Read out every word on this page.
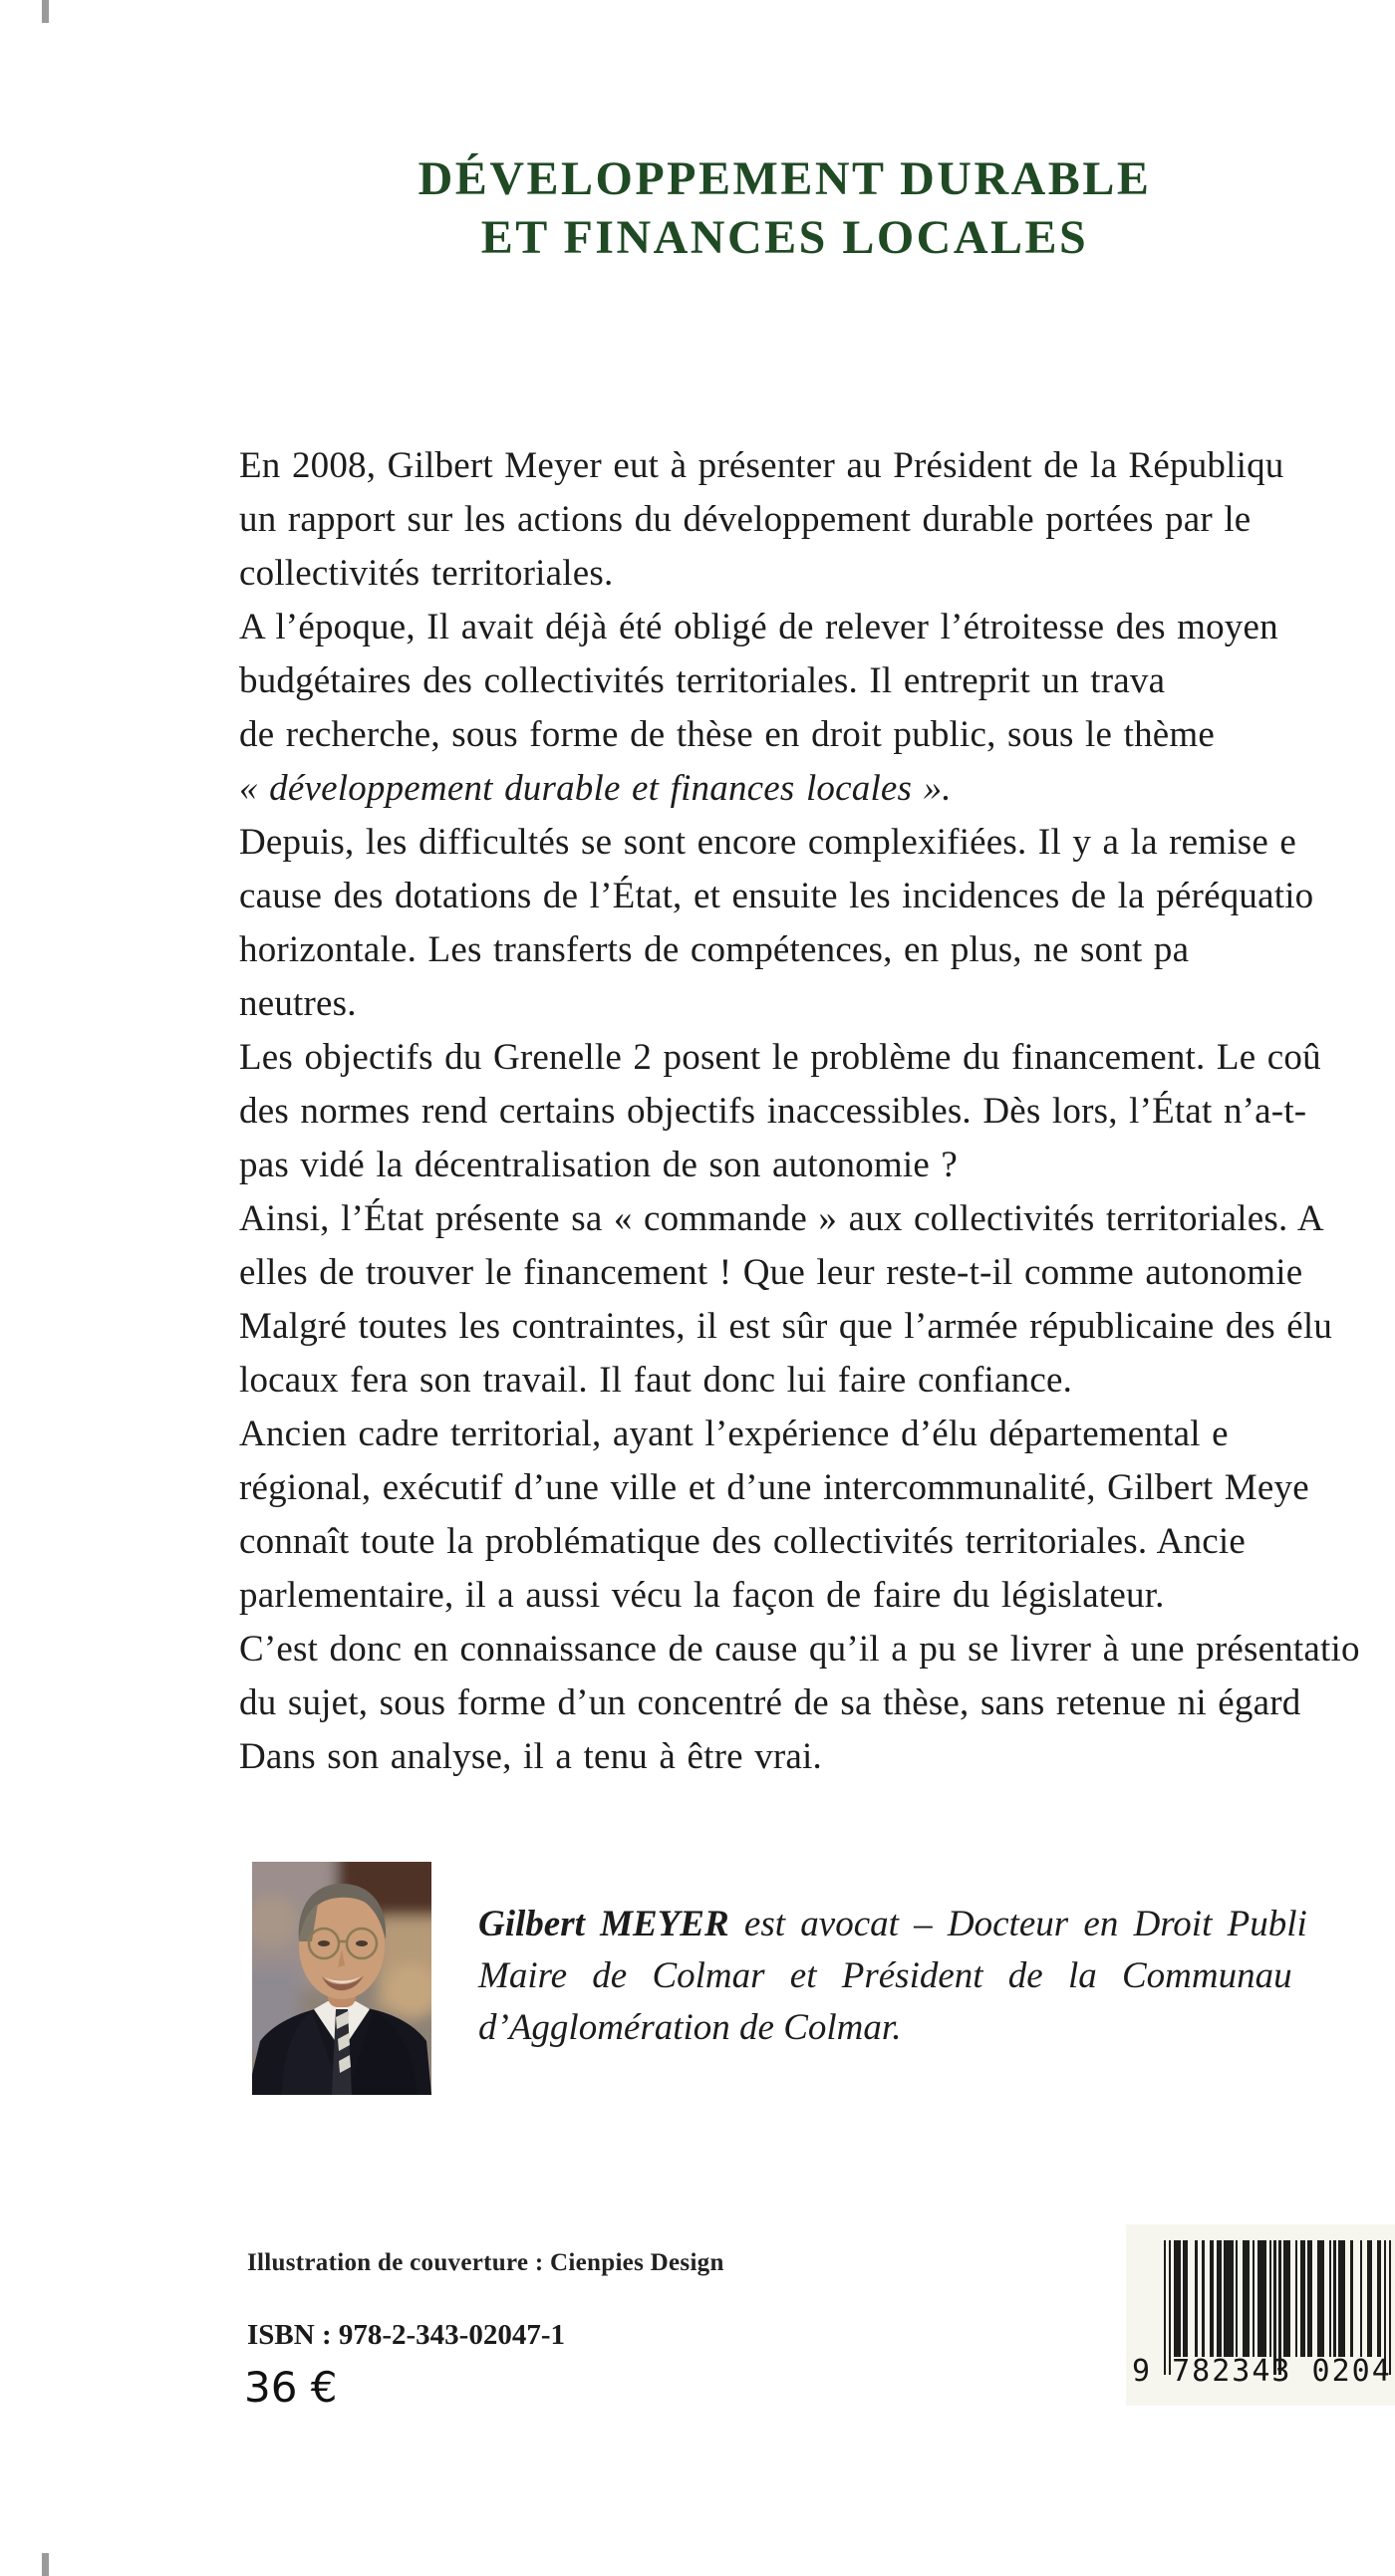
DÉVELOPPEMENT DURABLE
ET FINANCES LOCALES
En 2008, Gilbert Meyer eut à présenter au Président de la Républiqu
un rapport sur les actions du développement durable portées par le
collectivités territoriales.
A l’époque, Il avait déjà été obligé de relever l’étroitesse des moyen
budgétaires des collectivités territoriales. Il entreprit un trava
de recherche, sous forme de thèse en droit public, sous le thème
« développement durable et finances locales ».
Depuis, les difficultés se sont encore complexifiées. Il y a la remise e
cause des dotations de l’État, et ensuite les incidences de la péréquatio
horizontale. Les transferts de compétences, en plus, ne sont pa
neutres.
Les objectifs du Grenelle 2 posent le problème du financement. Le coû
des normes rend certains objectifs inaccessibles. Dès lors, l’État n’a-t-
pas vidé la décentralisation de son autonomie ?
Ainsi, l’État présente sa « commande » aux collectivités territoriales. A
elles de trouver le financement ! Que leur reste-t-il comme autonomie
Malgré toutes les contraintes, il est sûr que l’armée républicaine des élu
locaux fera son travail. Il faut donc lui faire confiance.
Ancien cadre territorial, ayant l’expérience d’élu départemental e
régional, exécutif d’une ville et d’une intercommunalité, Gilbert Meye
connaît toute la problématique des collectivités territoriales. Ancie
parlementaire, il a aussi vécu la façon de faire du législateur.
C’est donc en connaissance de cause qu’il a pu se livrer à une présentatio
du sujet, sous forme d’un concentré de sa thèse, sans retenue ni égard
Dans son analyse, il a tenu à être vrai.
Gilbert MEYER est avocat – Docteur en Droit Publi
Maire de Colmar et Président de la Communau
d’Agglomération de Colmar.
Illustration de couverture : Cienpies Design
ISBN : 978-2-343-02047-1
36 €	9 782343 0204
